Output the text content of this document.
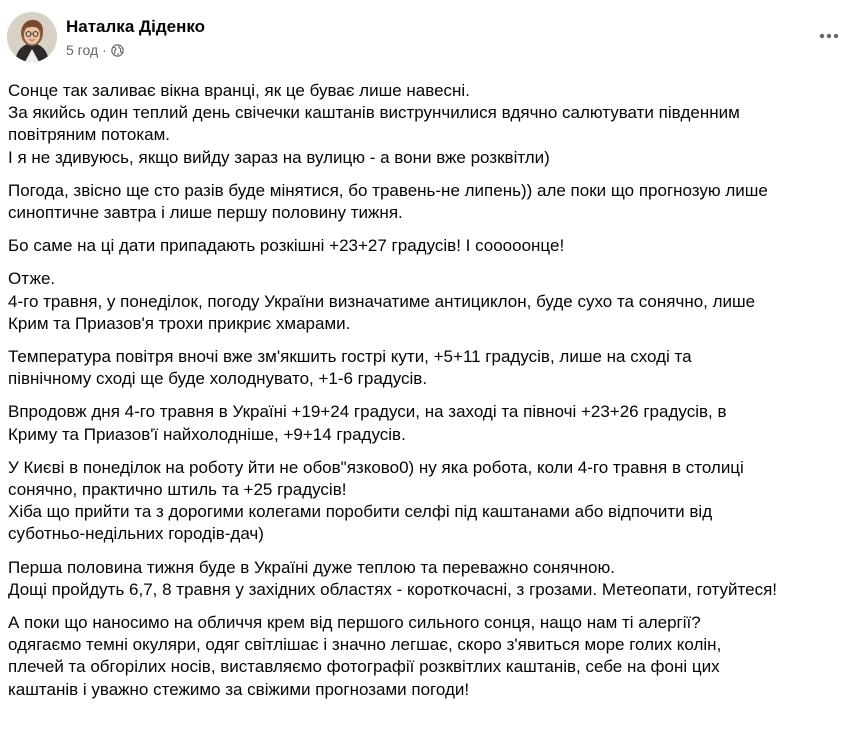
Наталка Діденко
5 год ·
Сонце так заливає вікна вранці, як це буває лише навесні.
За якийсь один теплий день свічечки каштанів виструнчилися вдячно салютувати південним
повітряним потокам.
І я не здивуюсь, якщо вийду зараз на вулицю - а вони вже розквітли)
Погода, звісно ще сто разів буде мінятися, бо травень-не липень)) але поки що прогнозую лише
синоптичне завтра і лише першу половину тижня.
Бо саме на ці дати припадають розкішні +23+27 градусів! І сооооонце!
Отже.
4-го травня, у понеділок, погоду України визначатиме антициклон, буде сухо та сонячно, лише
Крим та Приазов'я трохи прикриє хмарами.
Температура повітря вночі вже зм'якшить гострі кути, +5+11 градусів, лише на сході та
північному сході ще буде холоднувато, +1-6 градусів.
Впродовж дня 4-го травня в Україні +19+24 градуси, на заході та півночі +23+26 градусів, в
Криму та Приазов'ї найхолодніше, +9+14 градусів.
У Києві в понеділок на роботу йти не обов"язково0) ну яка робота, коли 4-го травня в столиці
сонячно, практично штиль та +25 градусів!
Хіба що прийти та з дорогими колегами поробити селфі під каштанами або відпочити від
суботньо-недільних городів-дач)
Перша половина тижня буде в Україні дуже теплою та переважно сонячною.
Дощі пройдуть 6,7, 8 травня у західних областях - короткочасні, з грозами. Метеопати, готуйтеся!
А поки що наносимо на обличчя крем від першого сильного сонця, нащо нам ті алергії?
одягаємо темні окуляри, одяг світлішає і значно легшає, скоро з'явиться море голих колін,
плечей та обгорілих носів, виставляємо фотографії розквітлих каштанів, себе на фоні цих
каштанів і уважно стежимо за свіжими прогнозами погоди!
